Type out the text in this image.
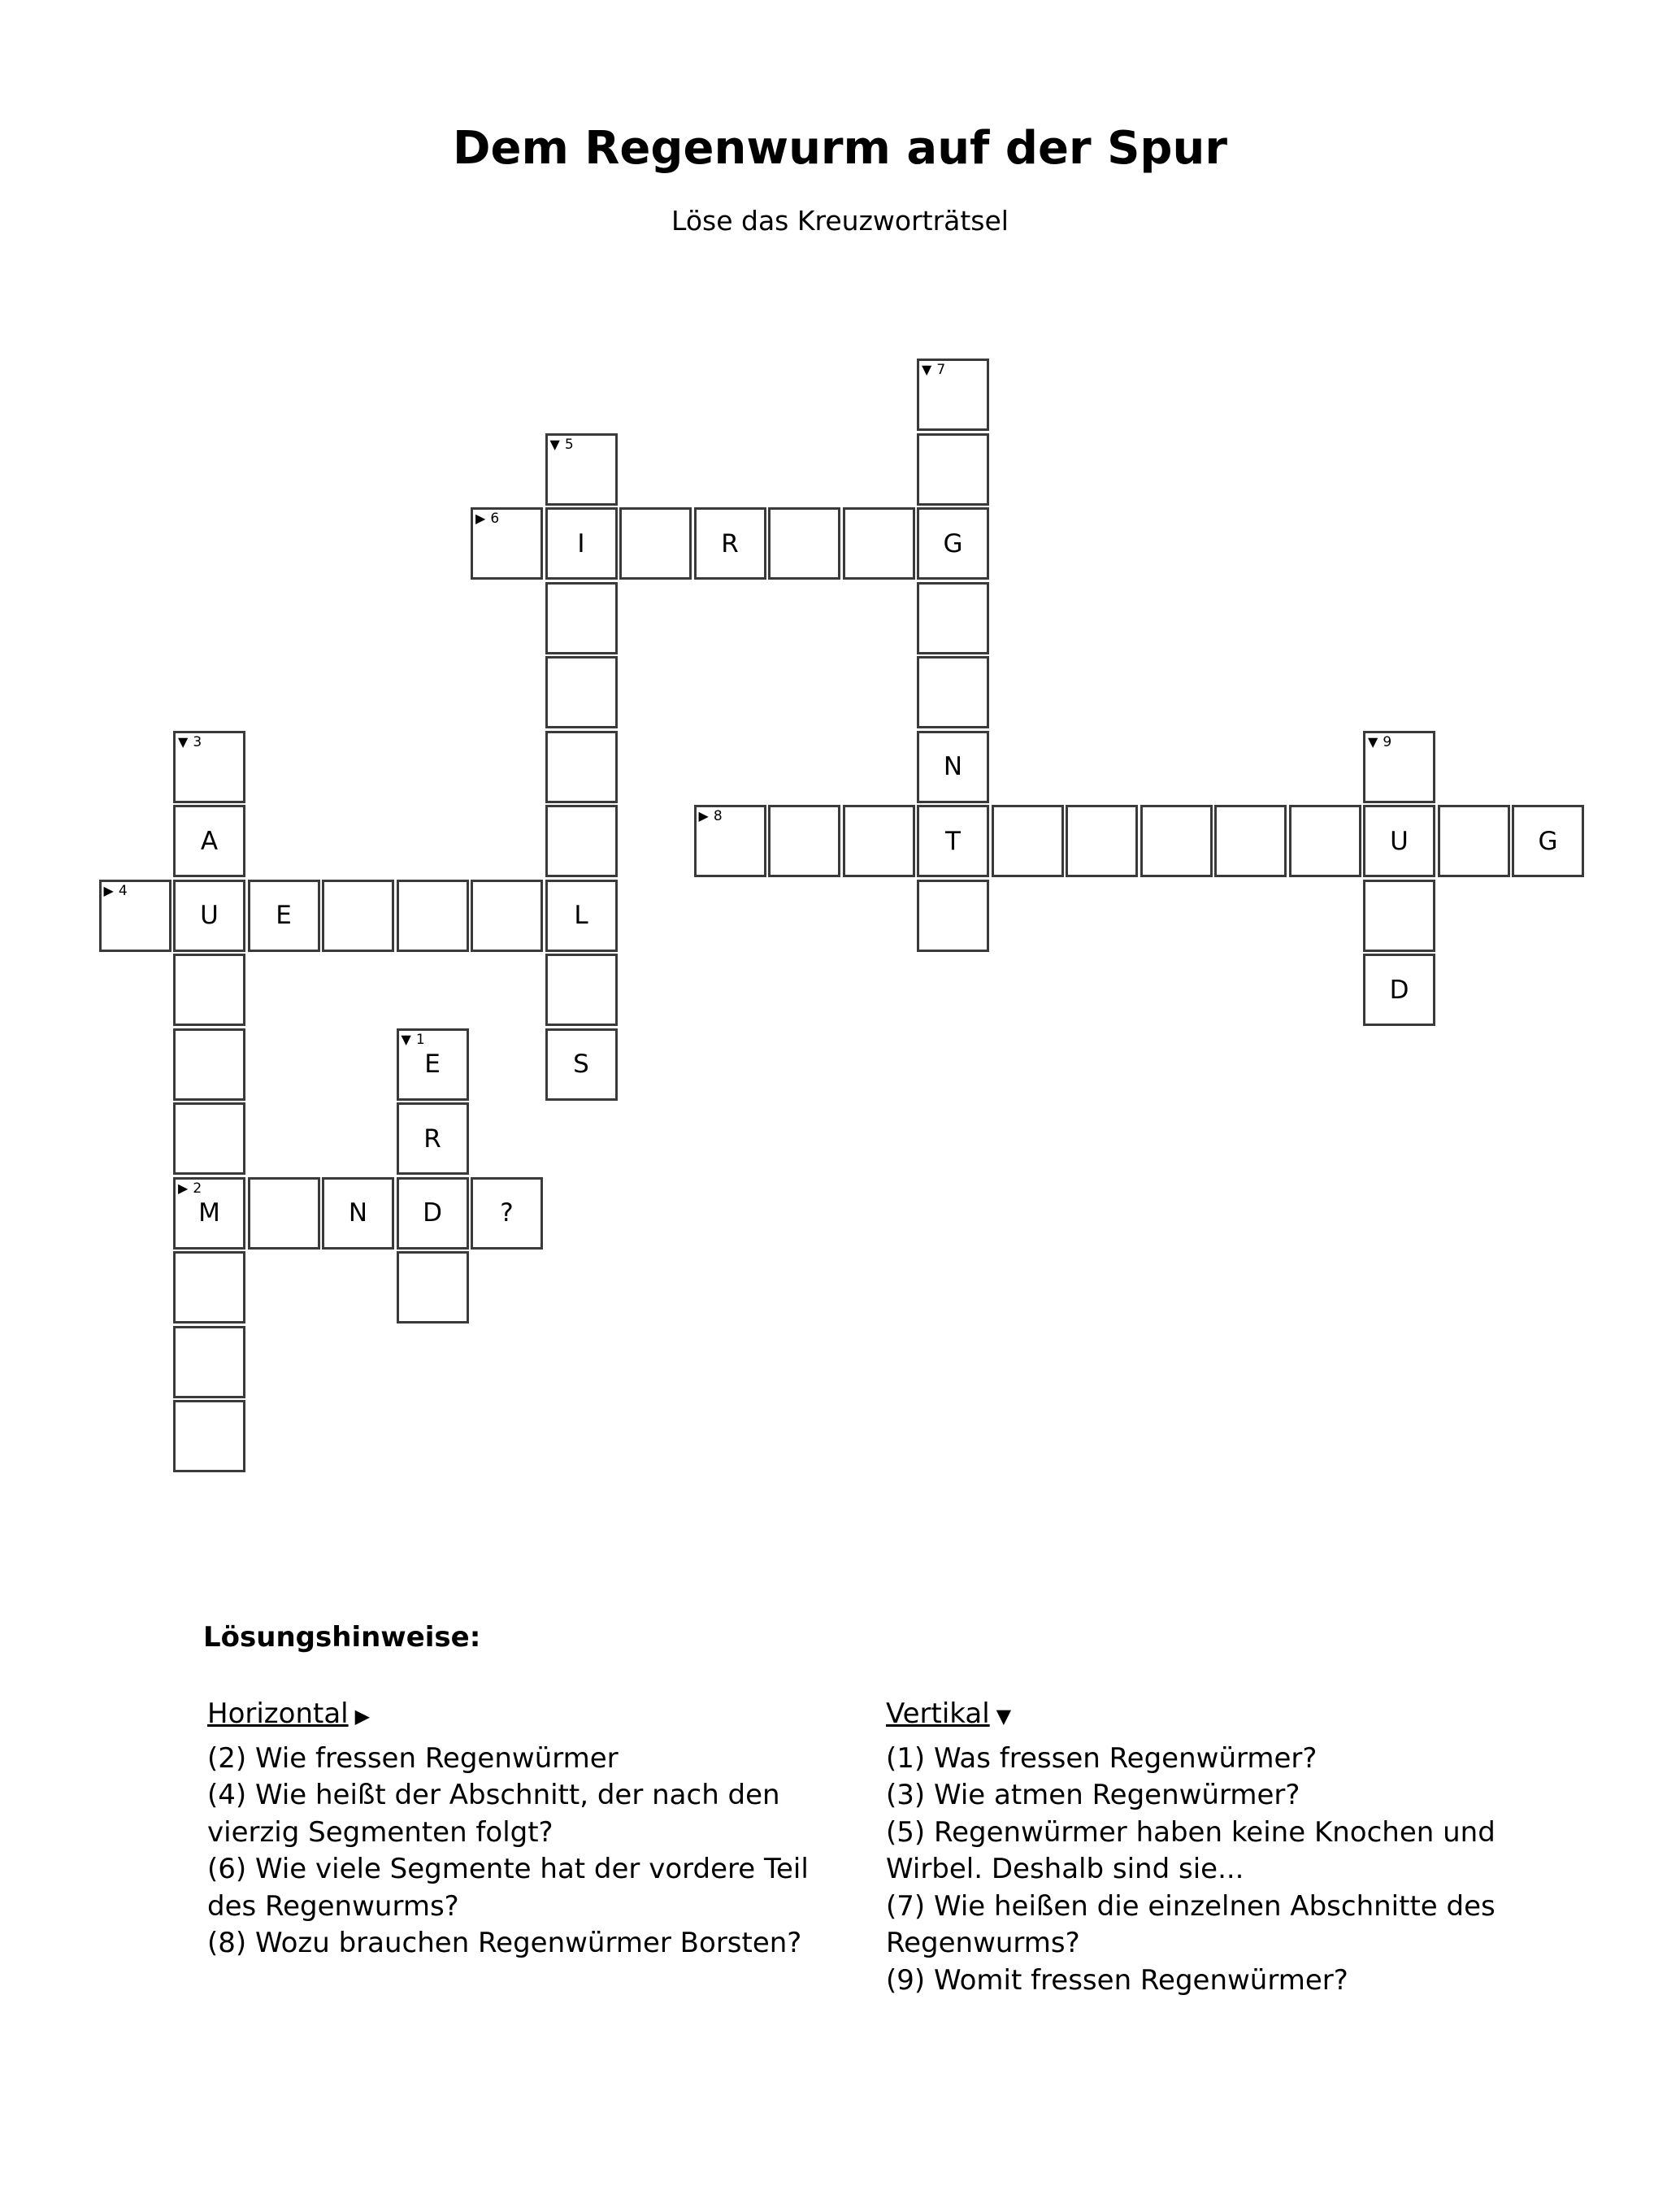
Dem Regenwurm auf der Spur
Löse das Kreuzworträtsel
▼ 7
▼ 5
▶ 6
I	R	G
▼ 3
N
▼ 9
A
▶ 8
T	U	G
▶ 4
U E	L
D
▼ 1
E	S
R
▶ 2
M	N D ?
Lösungshinweise:
Horizontal ▶
(2) Wie fressen Regenwürmer
(4) Wie heißt der Abschnitt, der nach den
vierzig Segmenten folgt?
(6) Wie viele Segmente hat der vordere Teil
des Regenwurms?
(8) Wozu brauchen Regenwürmer Borsten?
Vertikal ▼
(1) Was fressen Regenwürmer?
(3) Wie atmen Regenwürmer?
(5) Regenwürmer haben keine Knochen und
Wirbel. Deshalb sind sie...
(7) Wie heißen die einzelnen Abschnitte des
Regenwurms?
(9) Womit fressen Regenwürmer?
